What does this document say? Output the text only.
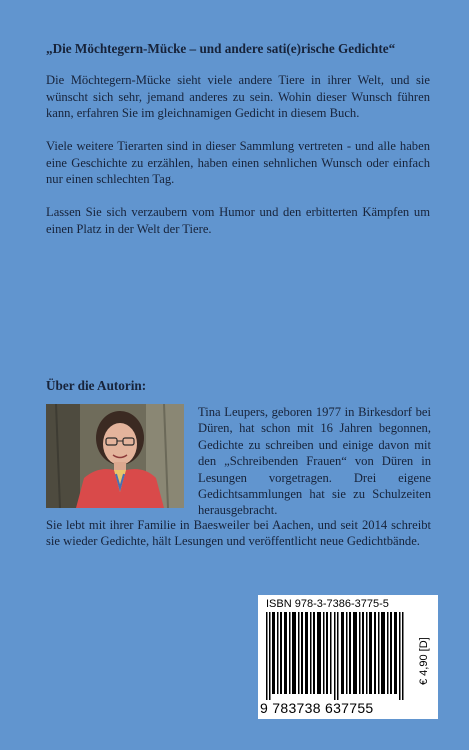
„Die Möchtegern-Mücke – und andere sati(e)rische Gedichte“

Die Möchtegern-Mücke sieht viele andere Tiere in ihrer Welt, und sie wünscht sich sehr, jemand anderes zu sein. Wohin dieser Wunsch führen kann, erfahren Sie im gleichnamigen Gedicht in diesem Buch.

Viele weitere Tierarten sind in dieser Sammlung vertreten - und alle haben eine Geschichte zu erzählen, haben einen sehnlichen Wunsch oder einfach nur einen schlechten Tag.

Lassen Sie sich verzaubern vom Humor und den erbitterten Kämpfen um einen Platz in der Welt der Tiere.

Über die Autorin:

Tina Leupers, geboren 1977 in Birkesdorf bei Düren, hat schon mit 16 Jahren begonnen, Gedichte zu schreiben und einige davon mit den „Schreibenden Frauen“ von Düren in Lesungen vorgetragen. Drei eigene Gedichtsammlungen hat sie zu Schulzeiten herausgebracht.

Sie lebt mit ihrer Familie in Baesweiler bei Aachen, und seit 2014 schreibt sie wieder Gedichte, hält Lesungen und veröffentlicht neue Gedichtbände.

ISBN 978-3-7386-3775-5
9 783738 637755
€ 4,90 [D]
